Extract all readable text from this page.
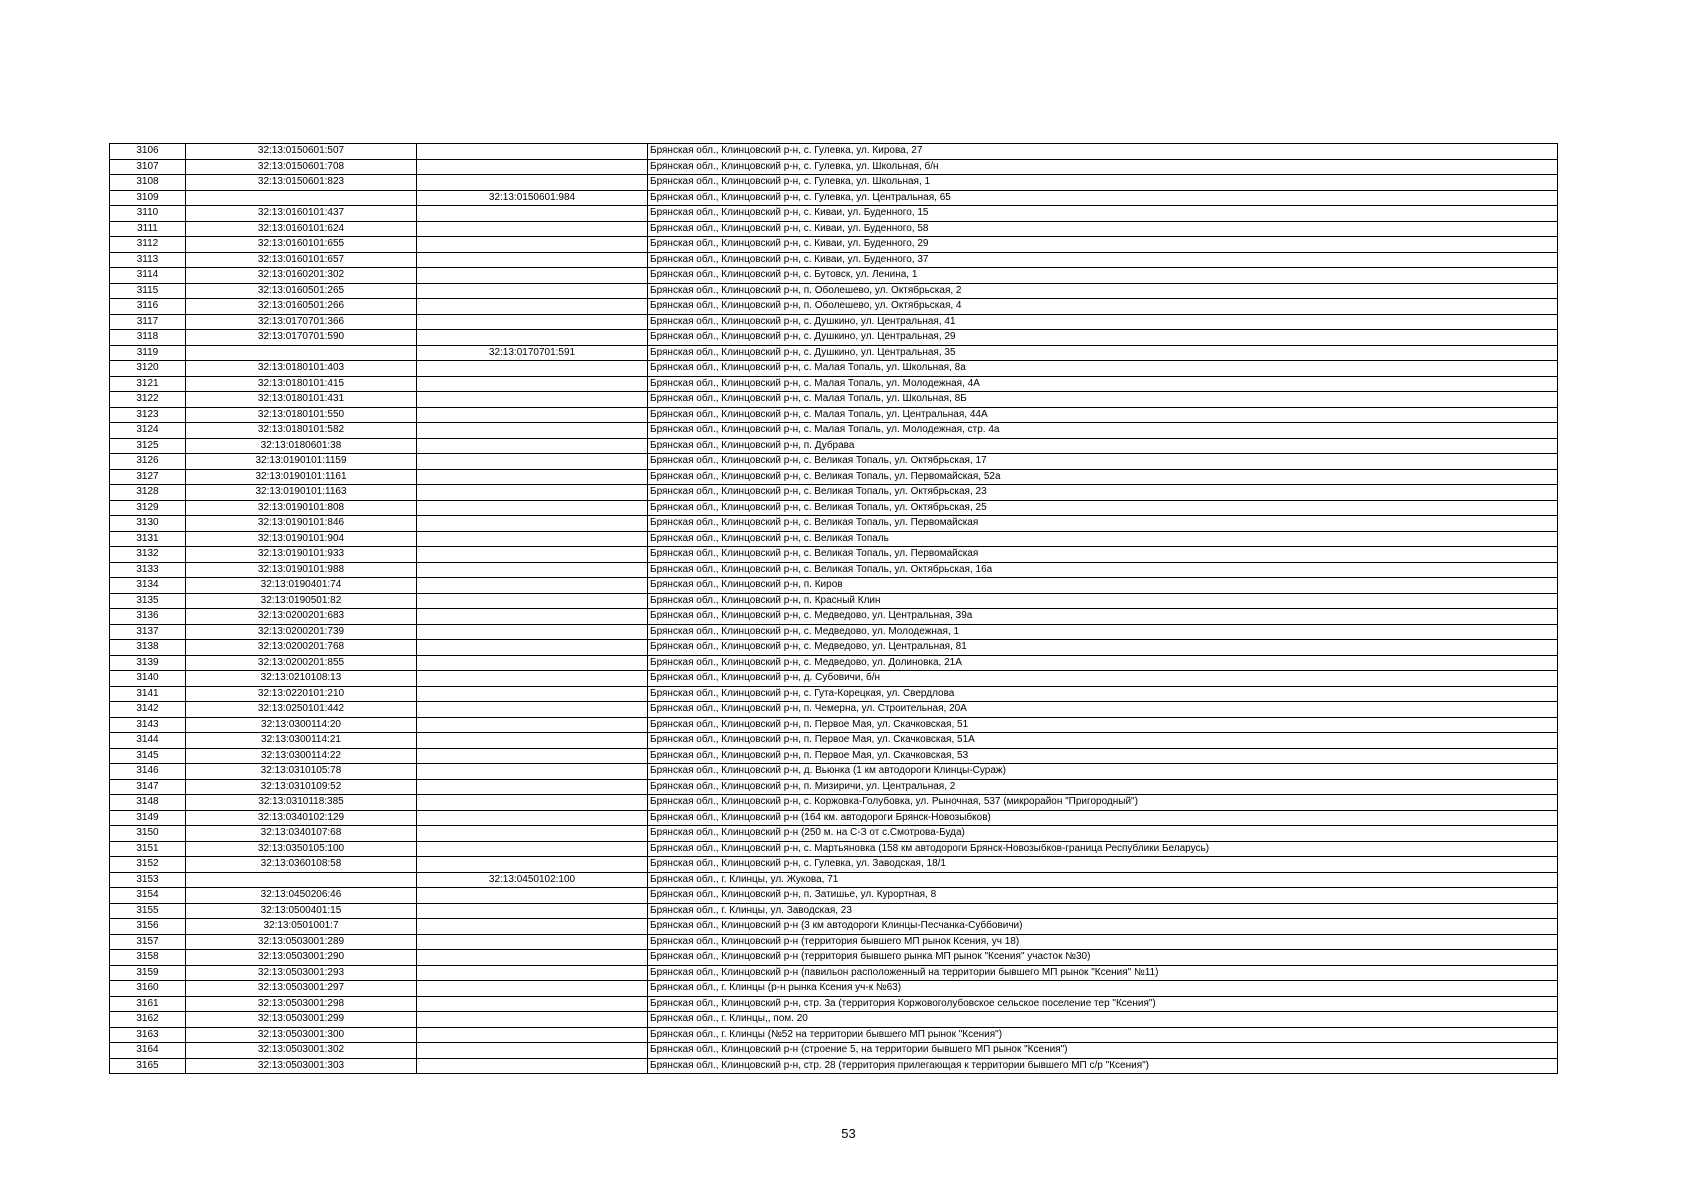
3106	32:13:0150601:507		Брянская обл., Клинцовский р-н, с. Гулевка, ул. Кирова, 27
3107	32:13:0150601:708		Брянская обл., Клинцовский р-н, с. Гулевка, ул. Школьная, б/н
3108	32:13:0150601:823		Брянская обл., Клинцовский р-н, с. Гулевка, ул. Школьная, 1
3109		32:13:0150601:984	Брянская обл., Клинцовский р-н, с. Гулевка, ул. Центральная, 65
3110	32:13:0160101:437		Брянская обл., Клинцовский р-н, с. Киваи, ул. Буденного, 15
3111	32:13:0160101:624		Брянская обл., Клинцовский р-н, с. Киваи, ул. Буденного, 58
3112	32:13:0160101:655		Брянская обл., Клинцовский р-н, с. Киваи, ул. Буденного, 29
3113	32:13:0160101:657		Брянская обл., Клинцовский р-н, с. Киваи, ул. Буденного, 37
3114	32:13:0160201:302		Брянская обл., Клинцовский р-н, с. Бутовск, ул. Ленина, 1
3115	32:13:0160501:265		Брянская обл., Клинцовский р-н, п. Оболешево, ул. Октябрьская, 2
3116	32:13:0160501:266		Брянская обл., Клинцовский р-н, п. Оболешево, ул. Октябрьская, 4
3117	32:13:0170701:366		Брянская обл., Клинцовский р-н, с. Душкино, ул. Центральная, 41
3118	32:13:0170701:590		Брянская обл., Клинцовский р-н, с. Душкино, ул. Центральная, 29
3119		32:13:0170701:591	Брянская обл., Клинцовский р-н, с. Душкино, ул. Центральная, 35
3120	32:13:0180101:403		Брянская обл., Клинцовский р-н, с. Малая Топаль, ул. Школьная, 8а
3121	32:13:0180101:415		Брянская обл., Клинцовский р-н, с. Малая Топаль, ул. Молодежная, 4А
3122	32:13:0180101:431		Брянская обл., Клинцовский р-н, с. Малая Топаль, ул. Школьная, 8Б
3123	32:13:0180101:550		Брянская обл., Клинцовский р-н, с. Малая Топаль, ул. Центральная, 44А
3124	32:13:0180101:582		Брянская обл., Клинцовский р-н, с. Малая Топаль, ул. Молодежная, стр. 4а
3125	32:13:0180601:38		Брянская обл., Клинцовский р-н, п. Дубрава
3126	32:13:0190101:1159		Брянская обл., Клинцовский р-н, с. Великая Топаль, ул. Октябрьская, 17
3127	32:13:0190101:1161		Брянская обл., Клинцовский р-н, с. Великая Топаль, ул. Первомайская, 52а
3128	32:13:0190101:1163		Брянская обл., Клинцовский р-н, с. Великая Топаль, ул. Октябрьская, 23
3129	32:13:0190101:808		Брянская обл., Клинцовский р-н, с. Великая Топаль, ул. Октябрьская, 25
3130	32:13:0190101:846		Брянская обл., Клинцовский р-н, с. Великая Топаль, ул. Первомайская
3131	32:13:0190101:904		Брянская обл., Клинцовский р-н, с. Великая Топаль
3132	32:13:0190101:933		Брянская обл., Клинцовский р-н, с. Великая Топаль, ул. Первомайская
3133	32:13:0190101:988		Брянская обл., Клинцовский р-н, с. Великая Топаль, ул. Октябрьская, 16а
3134	32:13:0190401:74		Брянская обл., Клинцовский р-н, п. Киров
3135	32:13:0190501:82		Брянская обл., Клинцовский р-н, п. Красный Клин
3136	32:13:0200201:683		Брянская обл., Клинцовский р-н, с. Медведово, ул. Центральная, 39а
3137	32:13:0200201:739		Брянская обл., Клинцовский р-н, с. Медведово, ул. Молодежная, 1
3138	32:13:0200201:768		Брянская обл., Клинцовский р-н, с. Медведово, ул. Центральная, 81
3139	32:13:0200201:855		Брянская обл., Клинцовский р-н, с. Медведово, ул. Долиновка, 21А
3140	32:13:0210108:13		Брянская обл., Клинцовский р-н, д. Субовичи, б/н
3141	32:13:0220101:210		Брянская обл., Клинцовский р-н, с. Гута-Корецкая, ул. Свердлова
3142	32:13:0250101:442		Брянская обл., Клинцовский р-н, п. Чемерна, ул. Строительная, 20А
3143	32:13:0300114:20		Брянская обл., Клинцовский р-н, п. Первое Мая, ул. Скачковская, 51
3144	32:13:0300114:21		Брянская обл., Клинцовский р-н, п. Первое Мая, ул. Скачковская, 51А
3145	32:13:0300114:22		Брянская обл., Клинцовский р-н, п. Первое Мая, ул. Скачковская, 53
3146	32:13:0310105:78		Брянская обл., Клинцовский р-н, д. Вьюнка (1 км автодороги Клинцы-Сураж)
3147	32:13:0310109:52		Брянская обл., Клинцовский р-н, п. Мизиричи, ул. Центральная, 2
3148	32:13:0310118:385		Брянская обл., Клинцовский р-н, с. Коржовка-Голубовка, ул. Рыночная, 537 (микрорайон "Пригородный")
3149	32:13:0340102:129		Брянская обл., Клинцовский р-н (164 км. автодороги Брянск-Новозыбков)
3150	32:13:0340107:68		Брянская обл., Клинцовский р-н (250 м. на С-З от с.Смотрова-Буда)
3151	32:13:0350105:100		Брянская обл., Клинцовский р-н, с. Мартьяновка (158 км автодороги Брянск-Новозыбков-граница Республики Беларусь)
3152	32:13:0360108:58		Брянская обл., Клинцовский р-н, с. Гулевка, ул. Заводская, 18/1
3153		32:13:0450102:100	Брянская обл., г. Клинцы, ул. Жукова, 71
3154	32:13:0450206:46		Брянская обл., Клинцовский р-н, п. Затишье, ул. Курортная, 8
3155	32:13:0500401:15		Брянская обл., г. Клинцы, ул. Заводская, 23
3156	32:13:0501001:7		Брянская обл., Клинцовский р-н (3 км автодороги Клинцы-Песчанка-Суббовичи)
3157	32:13:0503001:289		Брянская обл., Клинцовский р-н (территория бывшего МП рынок Ксения, уч 18)
3158	32:13:0503001:290		Брянская обл., Клинцовский р-н (территория бывшего рынка МП рынок "Ксения" участок №30)
3159	32:13:0503001:293		Брянская обл., Клинцовский р-н (павильон расположенный на территории бывшего МП рынок "Ксения" №11)
3160	32:13:0503001:297		Брянская обл., г. Клинцы (р-н рынка Ксения уч-к №63)
3161	32:13:0503001:298		Брянская обл., Клинцовский р-н, стр. 3а (территория Коржовоголубовское сельское поселение тер "Ксения")
3162	32:13:0503001:299		Брянская обл., г. Клинцы,, пом. 20
3163	32:13:0503001:300		Брянская обл., г. Клинцы (№52 на территории бывшего МП рынок "Ксения")
3164	32:13:0503001:302		Брянская обл., Клинцовский р-н (строение 5, на территории бывшего МП рынок "Ксения")
3165	32:13:0503001:303		Брянская обл., Клинцовский р-н, стр. 28 (территория прилегающая к территории бывшего МП с/р "Ксения")
53
